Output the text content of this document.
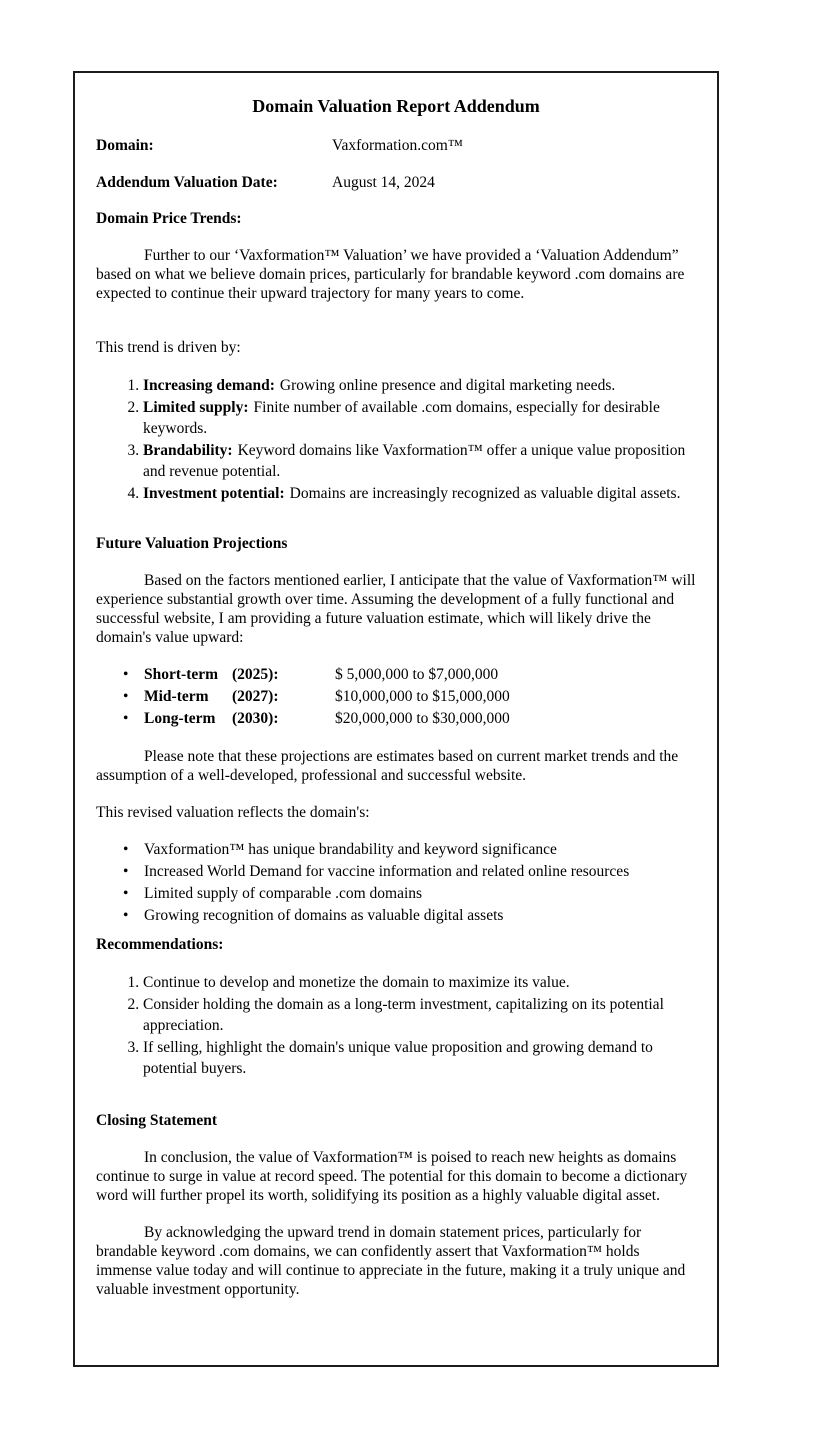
Domain Valuation Report Addendum
Domain:	Vaxformation.com™
Addendum Valuation Date:	August 14, 2024
Domain Price Trends:

Further to our ‘Vaxformation™ Valuation’ we have provided a ‘Valuation Addendum” based on what we believe domain prices, particularly for brandable keyword .com domains are expected to continue their upward trajectory for many years to come.

This trend is driven by:

1. Increasing demand: Growing online presence and digital marketing needs.
2. Limited supply: Finite number of available .com domains, especially for desirable keywords.
3. Brandability: Keyword domains like Vaxformation™ offer a unique value proposition and revenue potential.
4. Investment potential: Domains are increasingly recognized as valuable digital assets.
Future Valuation Projections

Based on the factors mentioned earlier, I anticipate that the value of Vaxformation™ will experience substantial growth over time. Assuming the development of a fully functional and successful website, I am providing a future valuation estimate, which will likely drive the domain's value upward:

• Short-term (2025):	$ 5,000,000 to $7,000,000
• Mid-term	(2027):	$10,000,000 to $15,000,000
• Long-term	(2030):	$20,000,000 to $30,000,000

Please note that these projections are estimates based on current market trends and the assumption of a well-developed, professional and successful website.

This revised valuation reflects the domain's:

• Vaxformation™ has unique brandability and keyword significance
• Increased World Demand for vaccine information and related online resources
• Limited supply of comparable .com domains
• Growing recognition of domains as valuable digital assets
Recommendations:
1. Continue to develop and monetize the domain to maximize its value.
2. Consider holding the domain as a long-term investment, capitalizing on its potential appreciation.
3. If selling, highlight the domain's unique value proposition and growing demand to potential buyers.
Closing Statement

In conclusion, the value of Vaxformation™ is poised to reach new heights as domains continue to surge in value at record speed. The potential for this domain to become a dictionary word will further propel its worth, solidifying its position as a highly valuable digital asset.

By acknowledging the upward trend in domain statement prices, particularly for brandable keyword .com domains, we can confidently assert that Vaxformation™ holds immense value today and will continue to appreciate in the future, making it a truly unique and valuable investment opportunity.
